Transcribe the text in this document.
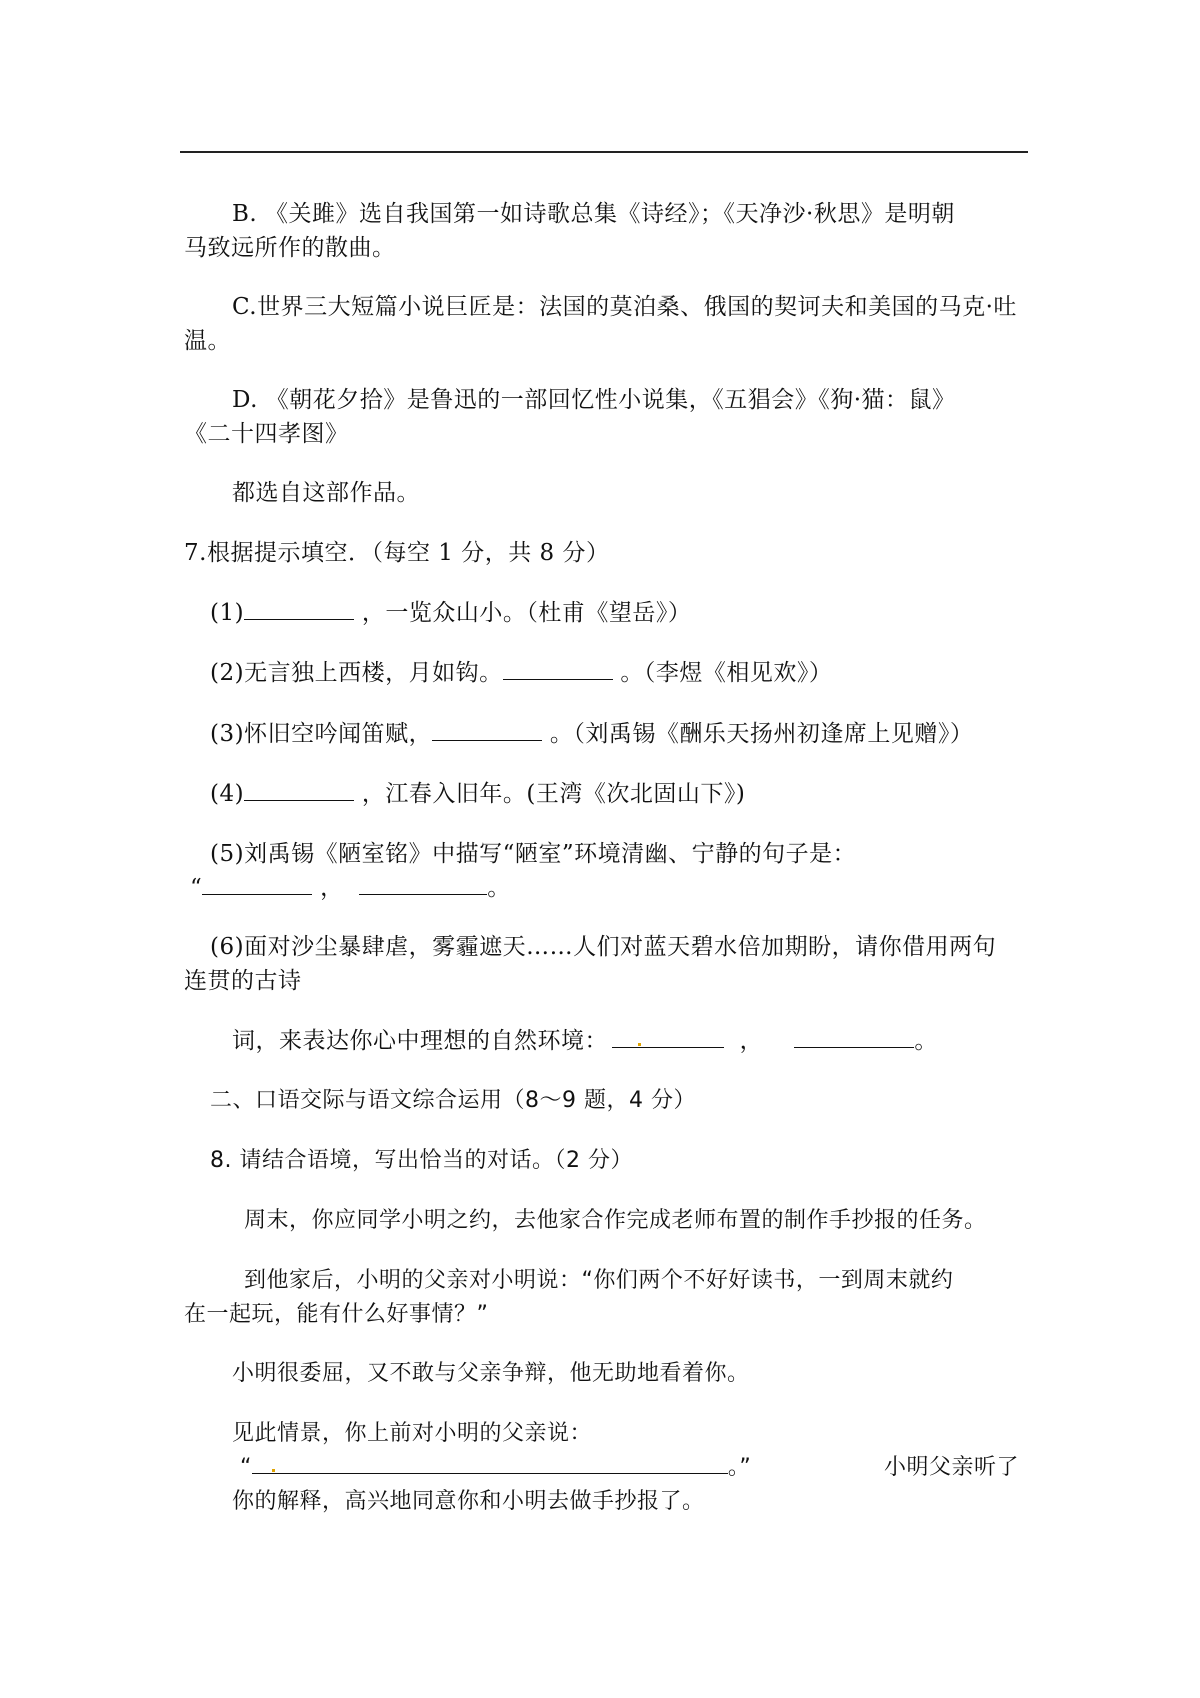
B. 《关雎》选自我国第一如诗歌总集《诗经》；《天净沙·秋思》是明朝
马致远所作的散曲。
C.世界三大短篇小说巨匠是：法国的莫泊桑、俄国的契诃夫和美国的马克·吐
温。
D. 《朝花夕拾》是鲁迅的一部回忆性小说集，《五猖会》《狗·猫：鼠》
《二十四孝图》
都选自这部作品。
7.根据提示填空．（每空 1 分，共 8 分）
(1)	，一览众山小。（杜甫《望岳》）
(2)无言独上西楼，月如钩。	。（李煜《相见欢》）
(3)怀旧空吟闻笛赋，	。（刘禹锡《酬乐天扬州初逢席上见赠》）
(4)	，江春入旧年。(王湾《次北固山下》)
(5)刘禹锡《陋室铭》中描写“陋室”环境清幽、宁静的句子是：
“	，	。
(6)面对沙尘暴肆虐，雾霾遮天……人们对蓝天碧水倍加期盼，请你借用两句
连贯的古诗
词，来表达你心中理想的自然环境：	，	。
二、口语交际与语文综合运用（8～9 题，4 分）
8. 请结合语境，写出恰当的对话。（2 分）
周末，你应同学小明之约，去他家合作完成老师布置的制作手抄报的任务。
到他家后，小明的父亲对小明说：“你们两个不好好读书，一到周末就约
在一起玩，能有什么好事情？”
小明很委屈，又不敢与父亲争辩，他无助地看着你。
见此情景，你上前对小明的父亲说：
“	。”	小明父亲听了
你的解释，高兴地同意你和小明去做手抄报了。
